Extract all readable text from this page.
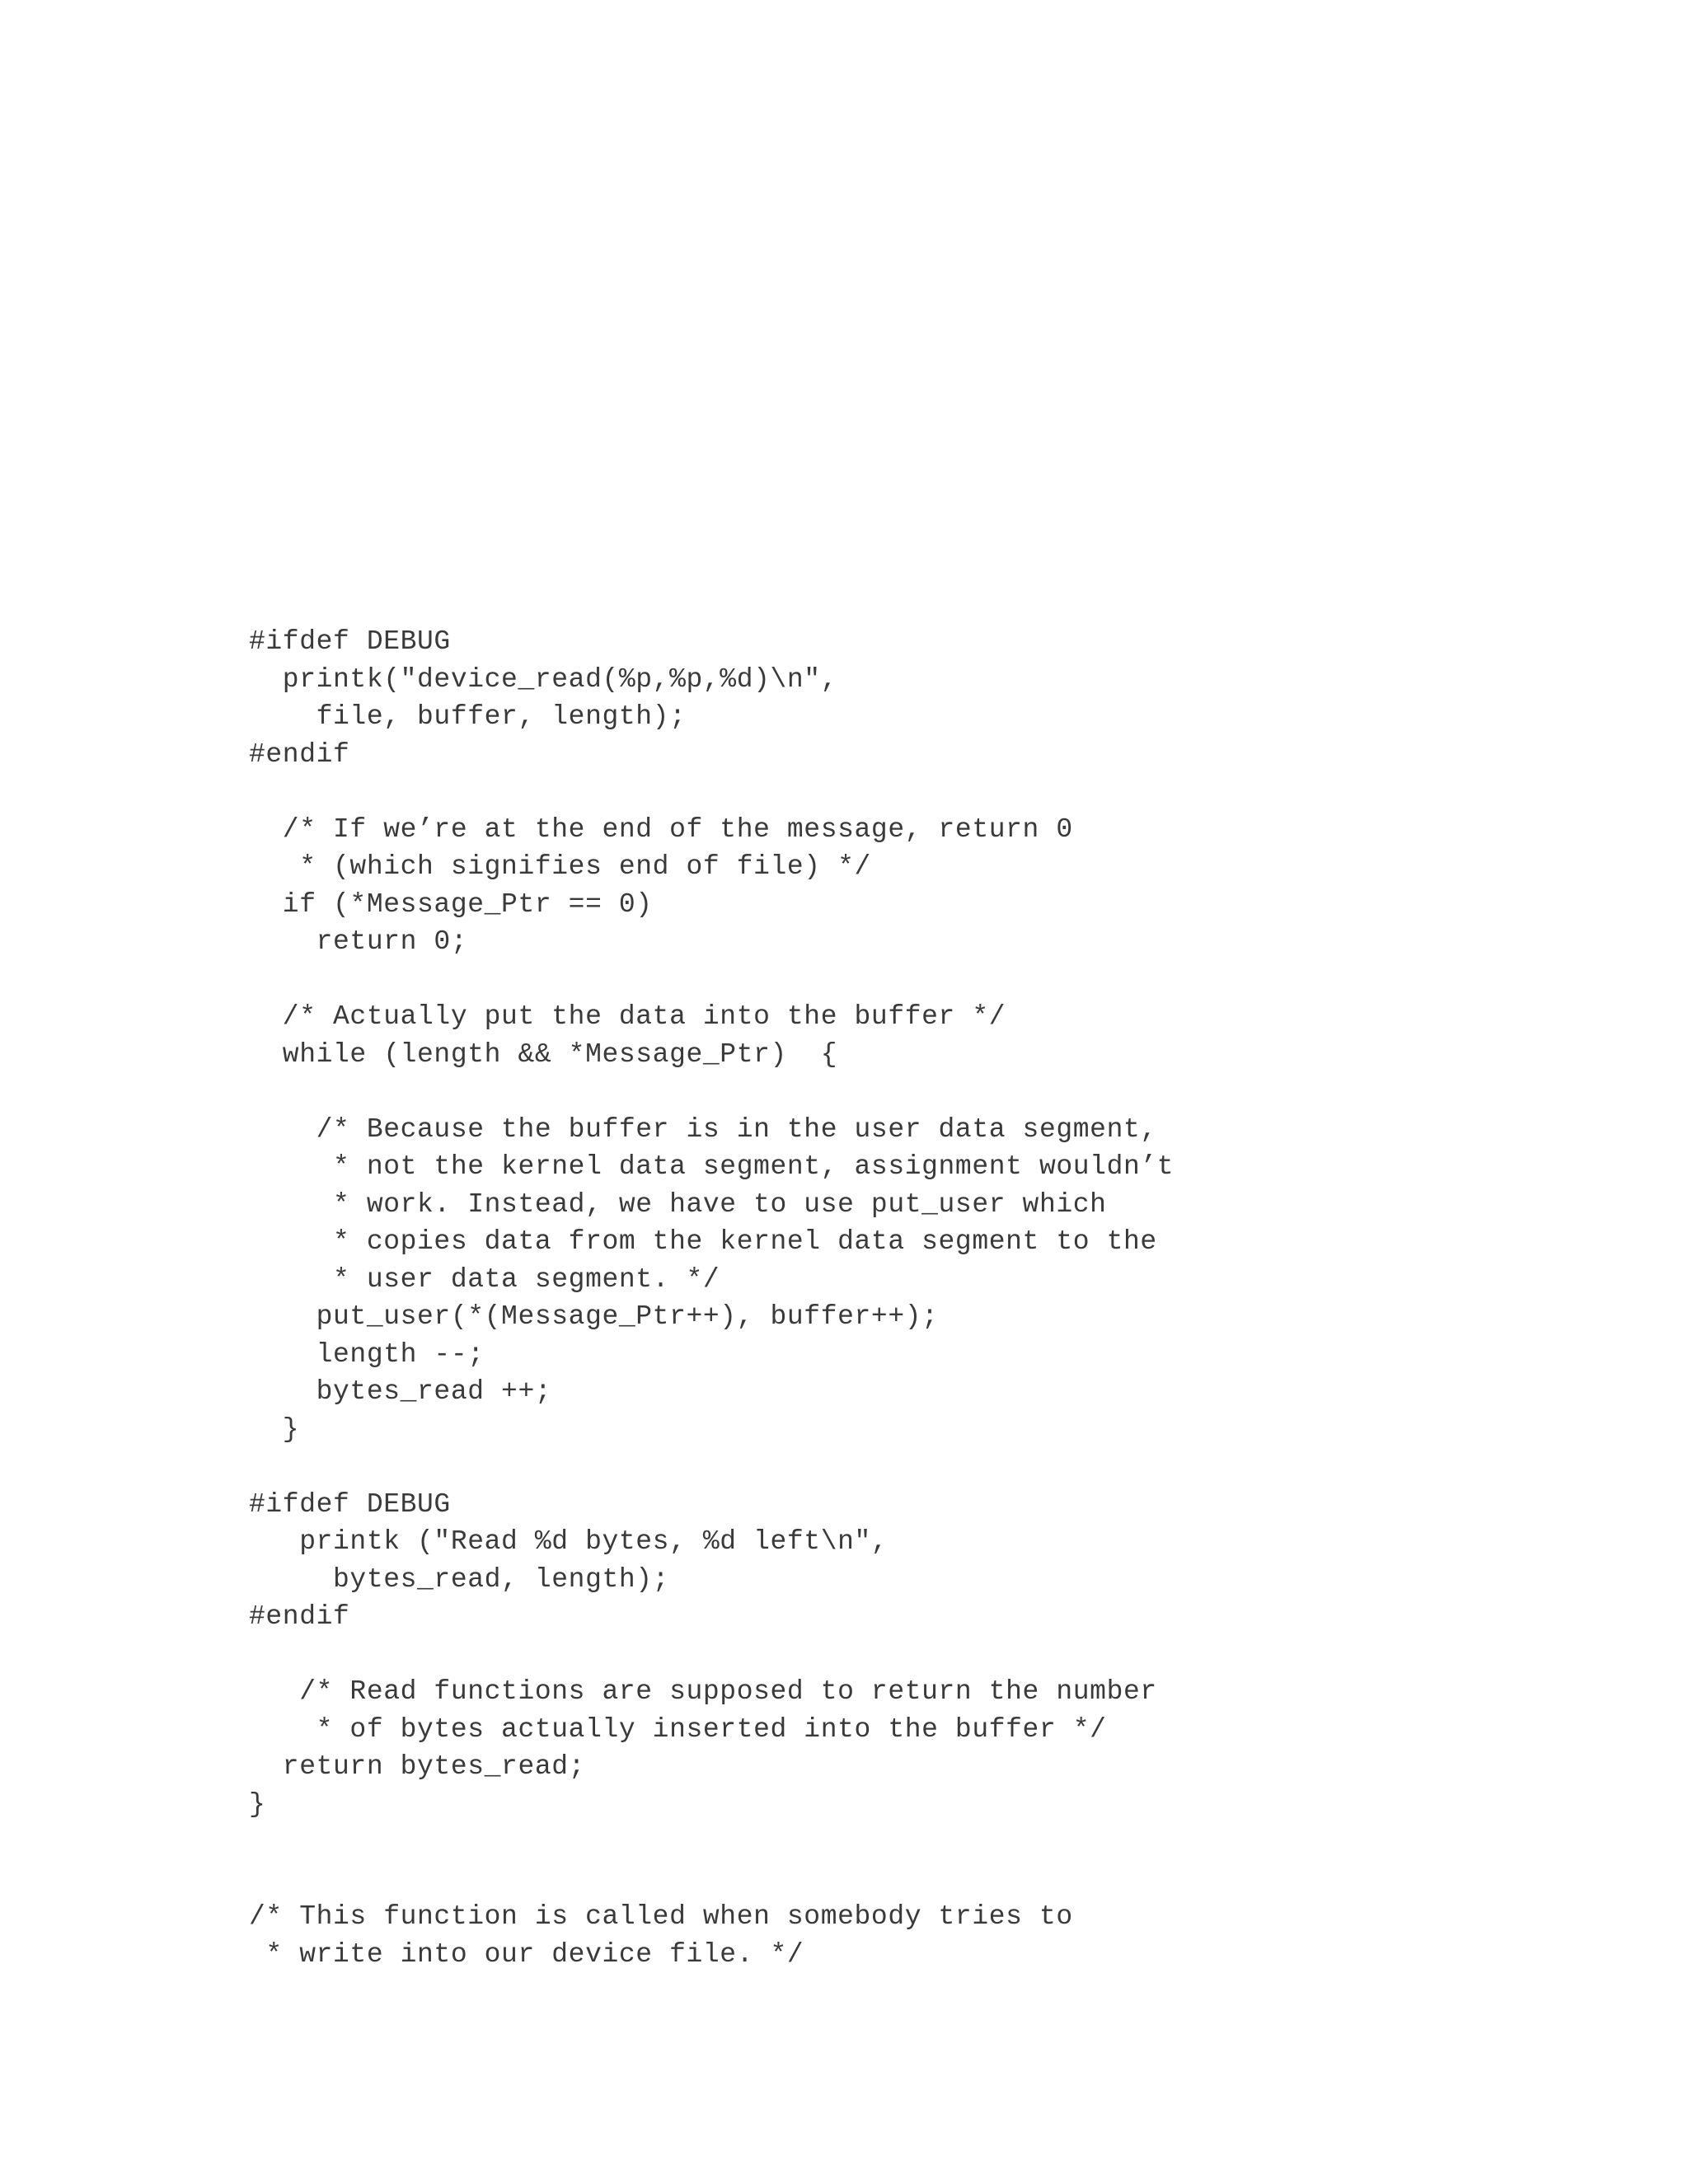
#ifdef DEBUG
printk("device_read(%p,%p,%d)\n",
file, buffer, length);
#endif
/* If we’re at the end of the message, return 0
* (which signifies end of file) */
if (*Message_Ptr == 0)
return 0;
/* Actually put the data into the buffer */
while (length && *Message_Ptr)  {
/* Because the buffer is in the user data segment,
* not the kernel data segment, assignment wouldn’t
* work. Instead, we have to use put_user which
* copies data from the kernel data segment to the
* user data segment. */
put_user(*(Message_Ptr++), buffer++);
length --;
bytes_read ++;
}
#ifdef DEBUG
printk ("Read %d bytes, %d left\n",
bytes_read, length);
#endif
/* Read functions are supposed to return the number
* of bytes actually inserted into the buffer */
return bytes_read;
}
/* This function is called when somebody tries to
* write into our device file. */
